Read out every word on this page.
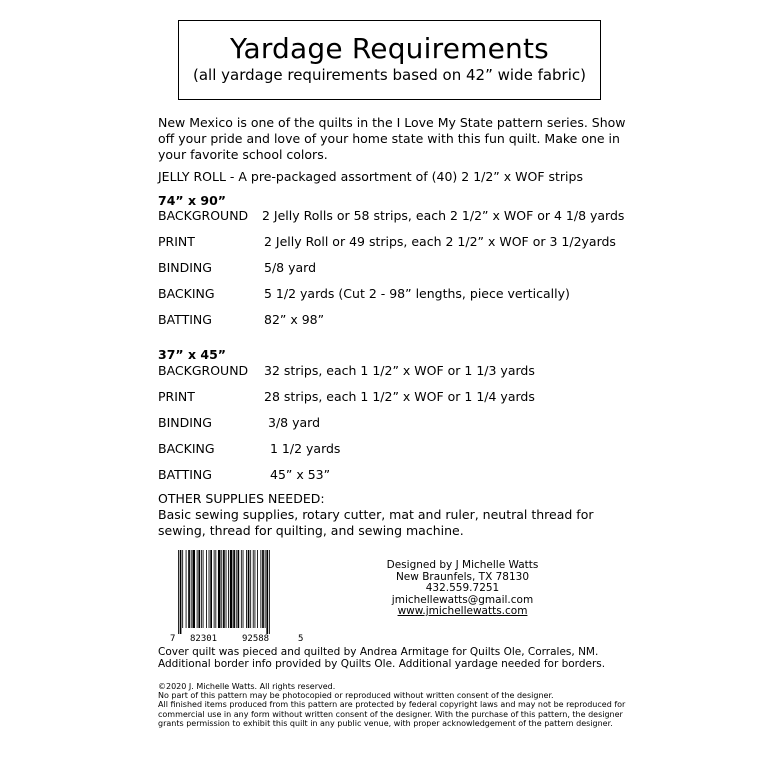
Yardage Requirements
(all yardage requirements based on 42” wide fabric)
New Mexico is one of the quilts in the I Love My State pattern series. Show off your pride and love of your home state with this fun quilt. Make one in your favorite school colors.
JELLY ROLL - A pre-packaged assortment of (40) 2 1/2” x WOF strips
74” x 90”
BACKGROUND 2 Jelly Rolls or 58 strips, each 2 1/2” x WOF or 4 1/8 yards
PRINT	2 Jelly Roll or 49 strips, each 2 1/2” x WOF or 3 1/2yards
BINDING	5/8 yard
BACKING	5 1/2 yards (Cut 2 - 98” lengths, piece vertically)
BATTING	82” x 98”
37” x 45”
BACKGROUND 32 strips, each 1 1/2” x WOF or 1 1/3 yards
PRINT	28 strips, each 1 1/2” x WOF or 1 1/4 yards
BINDING	3/8 yard
BACKING	1 1/2 yards
BATTING	45” x 53”
OTHER SUPPLIES NEEDED:
Basic sewing supplies, rotary cutter, mat and ruler, neutral thread for sewing, thread for quilting, and sewing machine.
7 82301	92588	5
Designed by J Michelle Watts
New Braunfels, TX 78130
432.559.7251
jmichellewatts@gmail.com
www.jmichellewatts.com
Cover quilt was pieced and quilted by Andrea Armitage for Quilts Ole, Corrales, NM. Additional border info provided by Quilts Ole. Additional yardage needed for borders.
©2020 J. Michelle Watts. All rights reserved.
No part of this pattern may be photocopied or reproduced without written consent of the designer.
All finished items produced from this pattern are protected by federal copyright laws and may not be reproduced for commercial use in any form without written consent of the designer. With the purchase of this pattern, the designer grants permission to exhibit this quilt in any public venue, with proper acknowledgement of the pattern designer.
